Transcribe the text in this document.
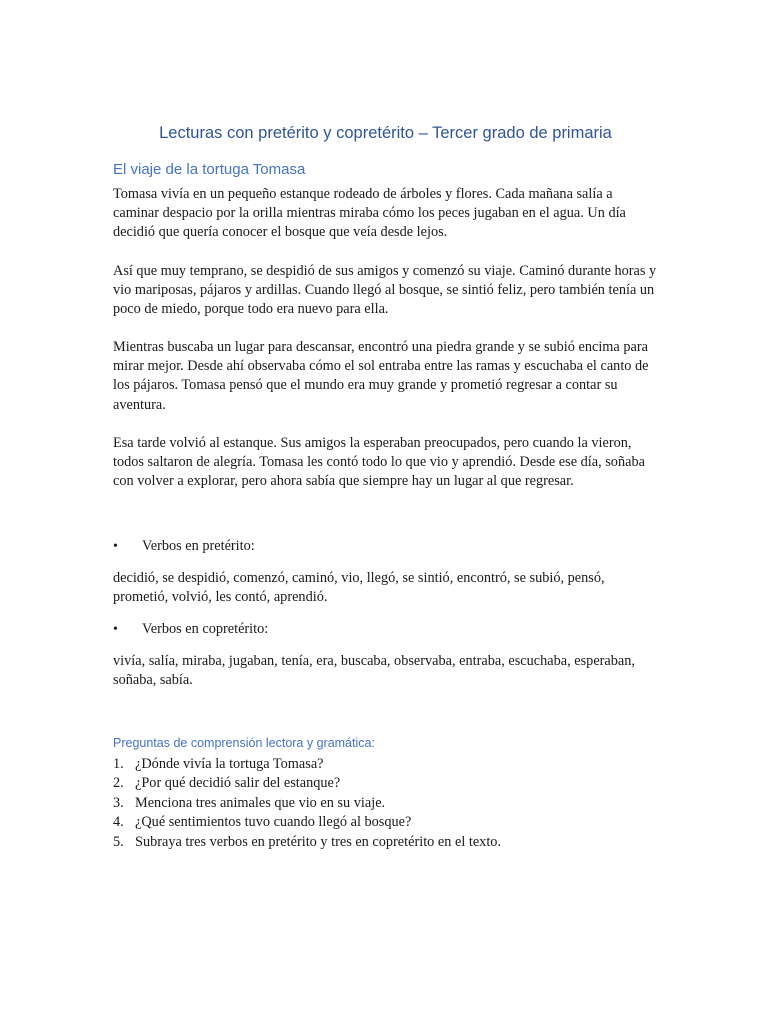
Lecturas con pretérito y copretérito – Tercer grado de primaria
El viaje de la tortuga Tomasa

Tomasa vivía en un pequeño estanque rodeado de árboles y flores. Cada mañana salía a caminar despacio por la orilla mientras miraba cómo los peces jugaban en el agua. Un día decidió que quería conocer el bosque que veía desde lejos.

Así que muy temprano, se despidió de sus amigos y comenzó su viaje. Caminó durante horas y vio mariposas, pájaros y ardillas. Cuando llegó al bosque, se sintió feliz, pero también tenía un poco de miedo, porque todo era nuevo para ella.

Mientras buscaba un lugar para descansar, encontró una piedra grande y se subió encima para mirar mejor. Desde ahí observaba cómo el sol entraba entre las ramas y escuchaba el canto de los pájaros. Tomasa pensó que el mundo era muy grande y prometió regresar a contar su aventura.

Esa tarde volvió al estanque. Sus amigos la esperaban preocupados, pero cuando la vieron, todos saltaron de alegría. Tomasa les contó todo lo que vio y aprendió. Desde ese día, soñaba con volver a explorar, pero ahora sabía que siempre hay un lugar al que regresar.

• Verbos en pretérito:

decidió, se despidió, comenzó, caminó, vio, llegó, se sintió, encontró, se subió, pensó, prometió, volvió, les contó, aprendió.

• Verbos en copretérito:

vivía, salía, miraba, jugaban, tenía, era, buscaba, observaba, entraba, escuchaba, esperaban, soñaba, sabía.

Preguntas de comprensión lectora y gramática:
1. ¿Dónde vivía la tortuga Tomasa?
2. ¿Por qué decidió salir del estanque?
3. Menciona tres animales que vio en su viaje.
4. ¿Qué sentimientos tuvo cuando llegó al bosque?
5. Subraya tres verbos en pretérito y tres en copretérito en el texto.
